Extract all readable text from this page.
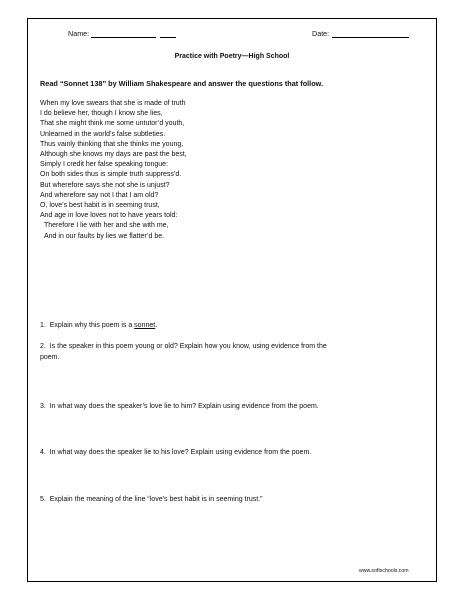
Name:	Date:
Practice with Poetry—High School
Read “Sonnet 138” by William Shakespeare and answer the questions that follow.
When my love swears that she is made of truth
I do believe her, though I know she lies,
That she might think me some untutor’d youth,
Unlearned in the world’s false subtleties.
Thus vainly thinking that she thinks me young,
Although she knows my days are past the best,
Simply I credit her false speaking tongue:
On both sides thus is simple truth suppress’d.
But wherefore says she not she is unjust?
And wherefore say not I that I am old?
O, love’s best habit is in seeming trust,
And age in love loves not to have years told:
Therefore I lie with her and she with me,
And in our faults by lies we flatter’d be.
1. Explain why this poem is a sonnet.
2. Is the speaker in this poem young or old? Explain how you know, using evidence from the
poem.
3. In what way does the speaker’s love lie to him? Explain using evidence from the poem.
4. In what way does the speaker lie to his love? Explain using evidence from the poem.
5. Explain the meaning of the line “love’s best habit is in seeming trust.”
www.softschools.com
